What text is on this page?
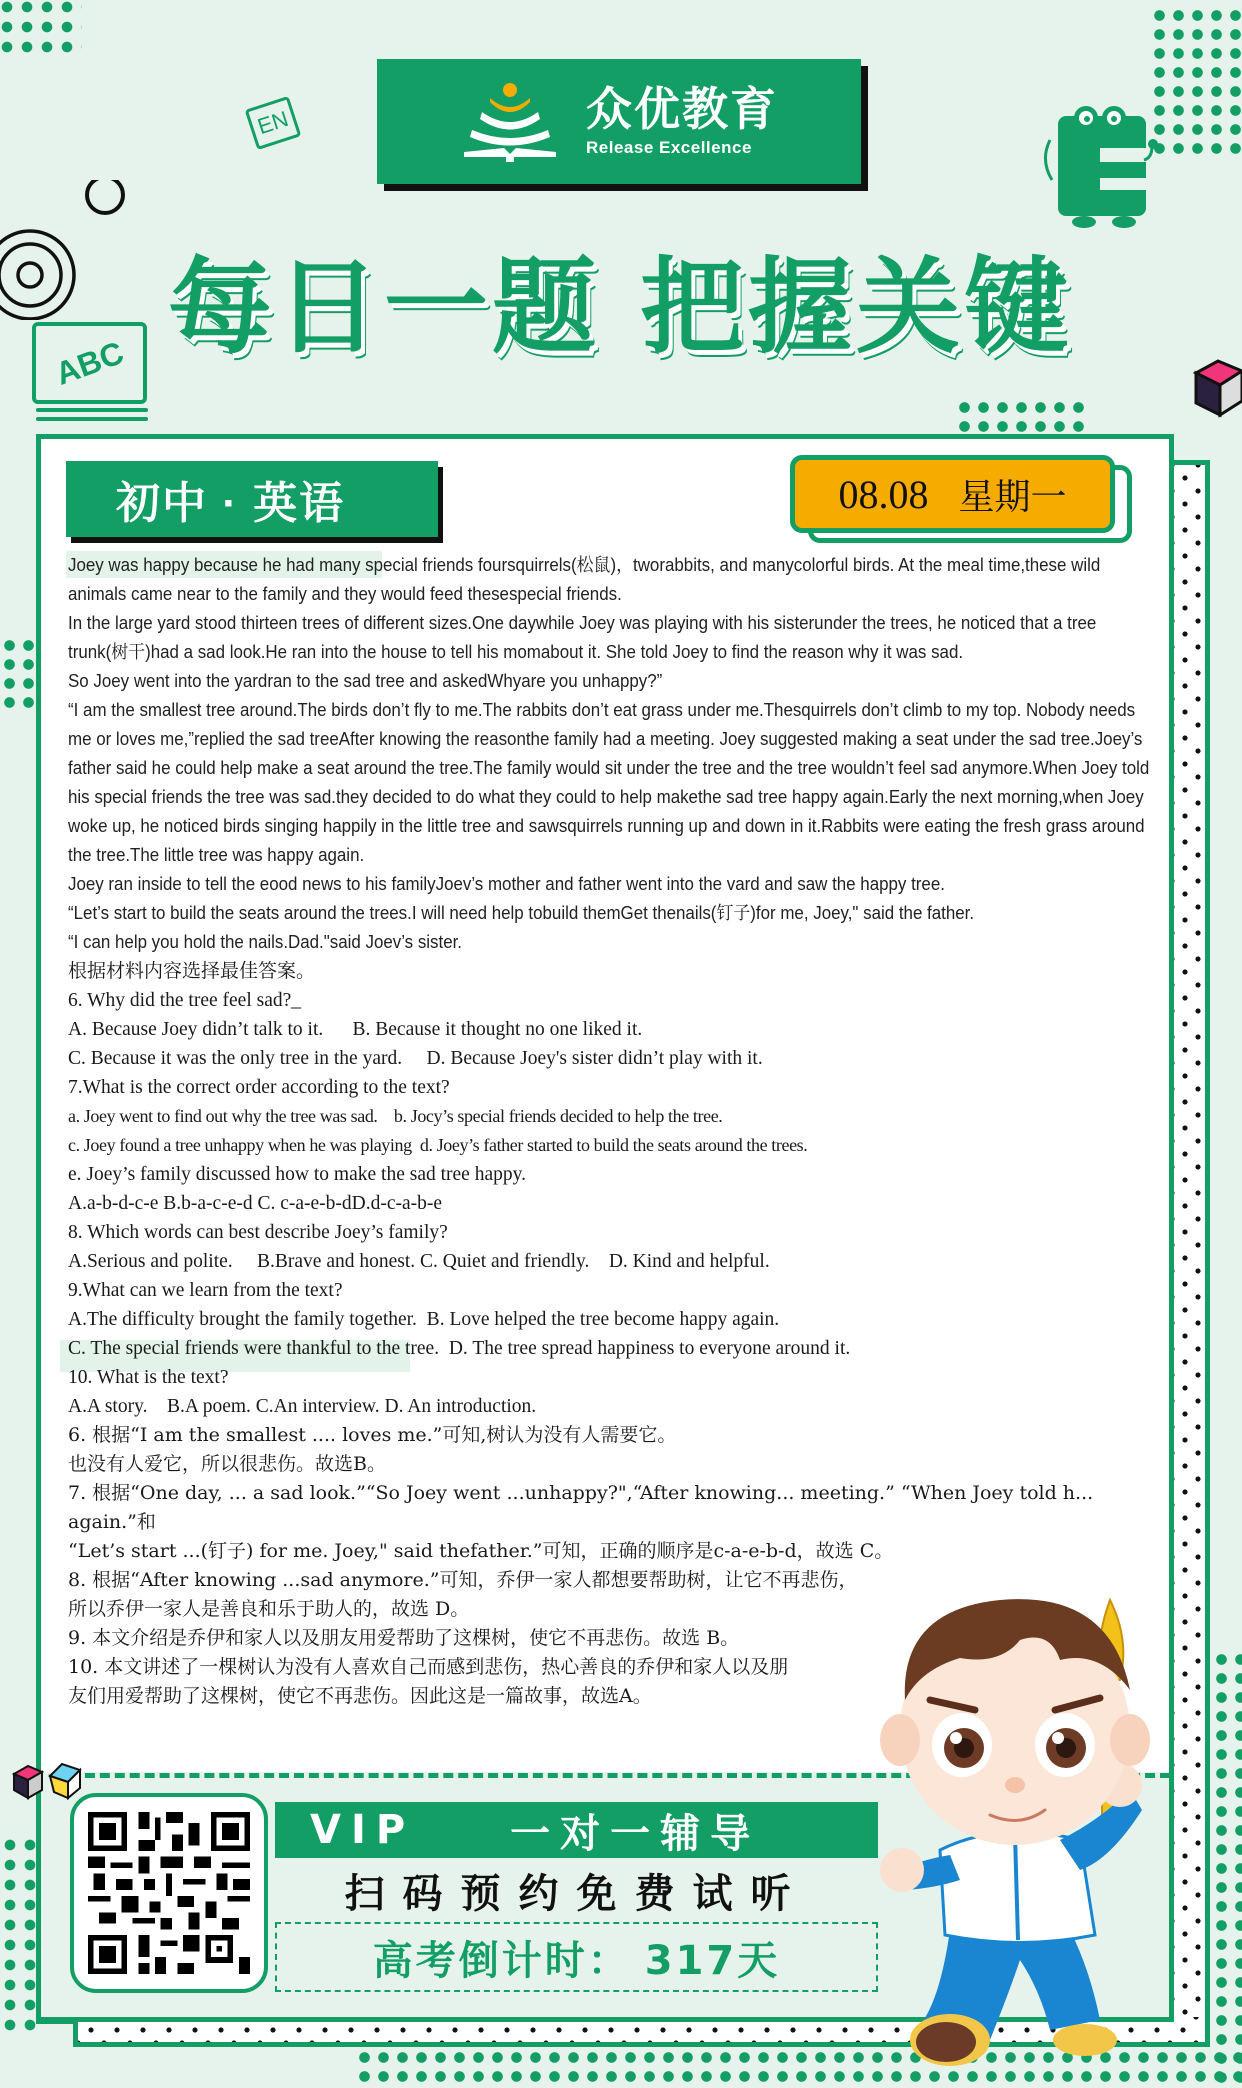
EN
ABC
众优教育
Release Excellence
每日一题 把握关键
初中 · 英语	08.08 星期一

Joey was happy because he had many special friends foursquirrels(松鼠)，tworabbits, and manycolorful birds. At the meal time,these wild animals came near to the family and they would feed thesespecial friends.

In the large yard stood thirteen trees of different sizes.One daywhile Joey was playing with his sisterunder the trees, he noticed that a tree trunk(树干)had a sad look.He ran into the house to tell his momabout it. She told Joey to find the reason why it was sad.

So Joey went into the yardran to the sad tree and askedWhyare you unhappy?”

“I am the smallest tree around.The birds don’t fly to me.The rabbits don’t eat grass under me.Thesquirrels don’t climb to my top. Nobody needs me or loves me,”replied the sad treeAfter knowing the reasonthe family had a meeting. Joey suggested making a seat under the sad tree.Joey’s father said he could help make a seat around the tree.The family would sit under the tree and the tree wouldn’t feel sad anymore.When Joey told his special friends the tree was sad.they decided to do what they could to help makethe sad tree happy again.Early the next morning,when Joey woke up, he noticed birds singing happily in the little tree and sawsquirrels running up and down in it.Rabbits were eating the fresh grass around the tree.The little tree was happy again.

Joey ran inside to tell the eood news to his familyJoev’s mother and father went into the vard and saw the happy tree.

“Let’s start to build the seats around the trees.I will need help tobuild themGet thenails(钉子)for me, Joey," said the father.

“I can help you hold the nails.Dad."said Joev’s sister.

根据材料内容选择最佳答案。

6. Why did the tree feel sad?_

A. Because Joey didn’t talk to it.      B. Because it thought no one liked it.

C. Because it was the only tree in the yard.     D. Because Joey's sister didn’t play with it.

7.What is the correct order according to the text?

a. Joey went to find out why the tree was sad.    b. Jocy’s special friends decided to help the tree.

c. Joey found a tree unhappy when he was playing  d. Joey’s father started to build the seats around the trees.

e. Joey’s family discussed how to make the sad tree happy.

A.a-b-d-c-e B.b-a-c-e-d C. c-a-e-b-dD.d-c-a-b-e

8. Which words can best describe Joey’s family?

A.Serious and polite.     B.Brave and honest. C. Quiet and friendly.    D. Kind and helpful.

9.What can we learn from the text?

A.The difficulty brought the family together.  B. Love helped the tree become happy again.

C. The special friends were thankful to the tree.  D. The tree spread happiness to everyone around it.

10. What is the text?

A.A story.    B.A poem. C.An interview. D. An introduction.

6. 根据“I am the smallest .... loves me.”可知,树认为没有人需要它。

也没有人爱它，所以很悲伤。故选B。

7. 根据“One day, ... a sad look.”“So Joey went ...unhappy?",“After knowing... meeting.” “When Joey told h... again.”和

“Let’s start ...(钉子) for me. Joey," said thefather.”可知，正确的顺序是c-a-e-b-d，故选 C。

8. 根据“After knowing ...sad anymore.”可知，乔伊一家人都想要帮助树，让它不再悲伤，

所以乔伊一家人是善良和乐于助人的，故选 D。

9. 本文介绍是乔伊和家人以及朋友用爱帮助了这棵树，使它不再悲伤。故选 B。

10. 本文讲述了一棵树认为没有人喜欢自己而感到悲伤，热心善良的乔伊和家人以及朋

友们用爱帮助了这棵树，使它不再悲伤。因此这是一篇故事，故选A。

VIP 一对一辅导
扫码预约免费试听
高考倒计时： 317天
